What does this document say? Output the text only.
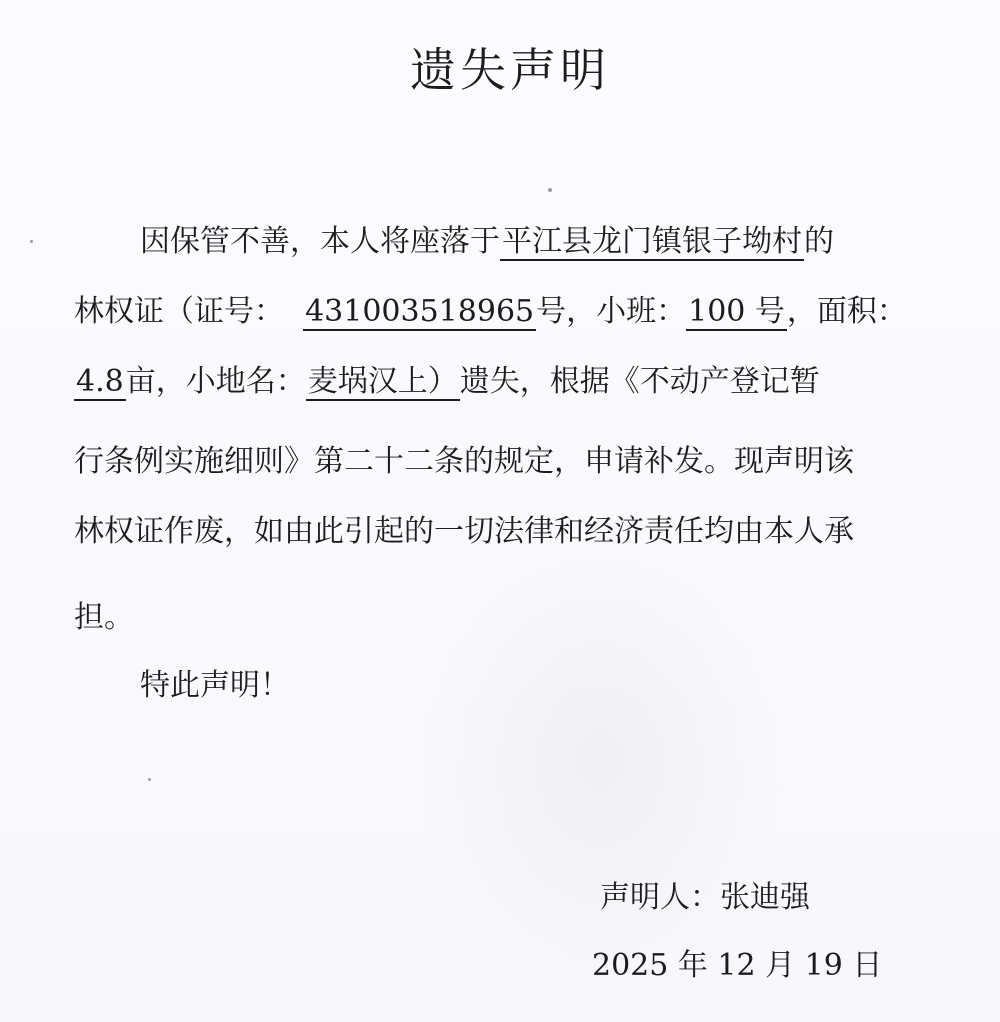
遗失声明
因保管不善，本人将座落于平江县龙门镇银子坳村的
林权证（证号：  431003518965号，小班：100 号，面积：
4.8亩，小地名：麦埚汉上）遗失，根据《不动产登记暂
行条例实施细则》第二十二条的规定，申请补发。现声明该
林权证作废，如由此引起的一切法律和经济责任均由本人承
担。
特此声明！
声明人：张迪强
2025 年 12 月 19 日
